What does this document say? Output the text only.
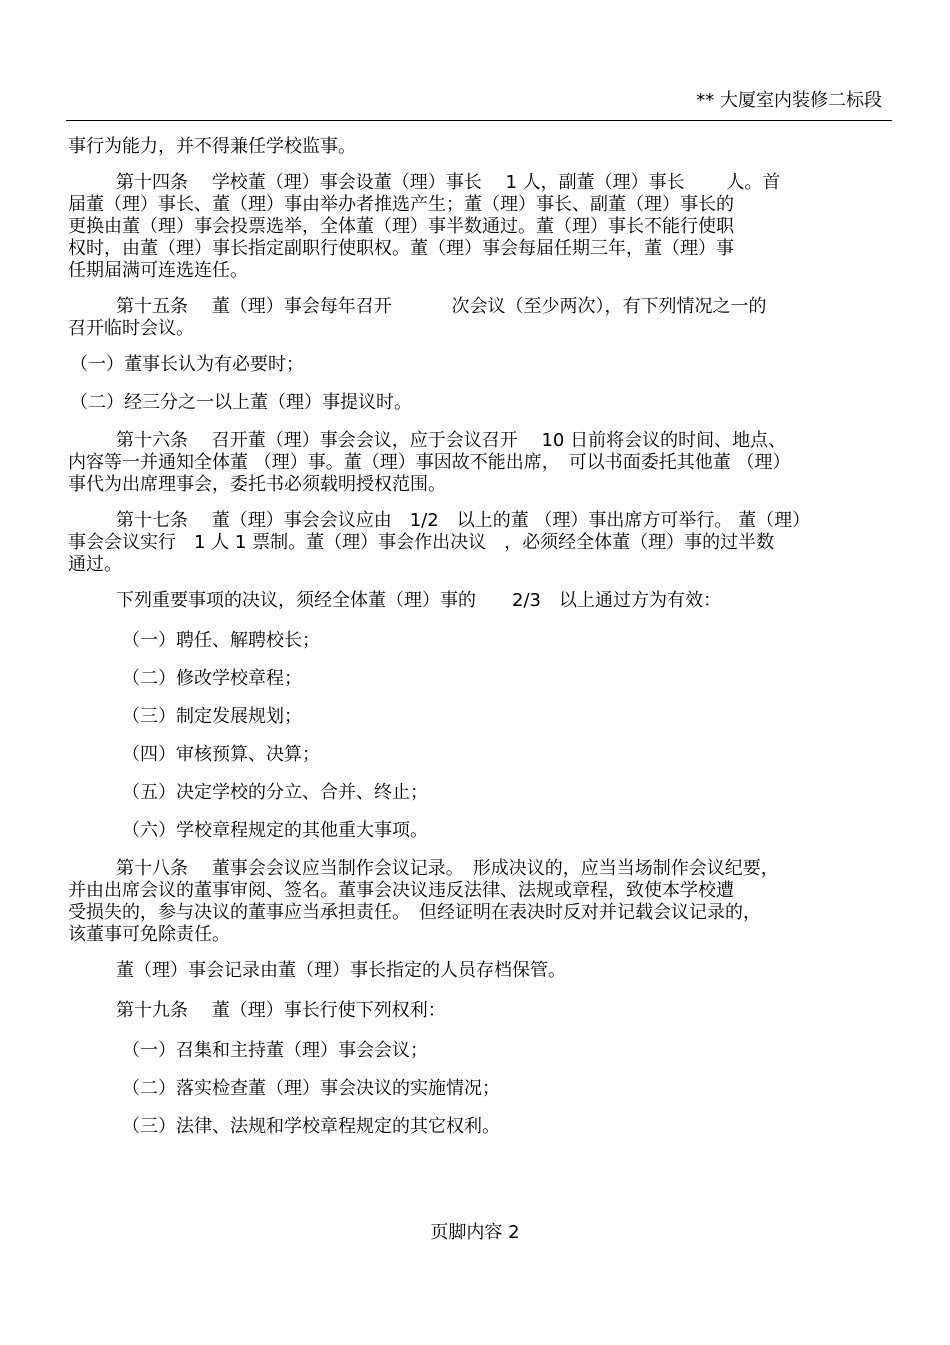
** 大厦室内装修二标段
事行为能力，并不得兼任学校监事。
第十四条　 学校董（理）事会设董（理）事长　 1 人，副董（理）事长　　 人。首
届董（理）事长、董（理）事由举办者推选产生；董（理）事长、副董（理）事长的
更换由董（理）事会投票选举，全体董（理）事半数通过。董（理）事长不能行使职
权时，由董（理）事长指定副职行使职权。董（理）事会每届任期三年，董（理）事
任期届满可连选连任。
第十五条　 董（理）事会每年召开　　　 次会议（至少两次），有下列情况之一的
召开临时会议。
（一）董事长认为有必要时；
（二）经三分之一以上董（理）事提议时。
第十六条　 召开董（理）事会会议，应于会议召开　 10 日前将会议的时间、地点、
内容等一并通知全体董 （理）事。董（理）事因故不能出席，　可以书面委托其他董 （理）
事代为出席理事会，委托书必须载明授权范围。
第十七条　 董（理）事会会议应由　1/2　以上的董 （理）事出席方可举行。 董（理）
事会会议实行　1 人 1 票制。董（理）事会作出决议　，必须经全体董（理）事的过半数
通过。
下列重要事项的决议，须经全体董（理）事的　　2/3　以上通过方为有效：
（一）聘任、解聘校长；
（二）修改学校章程；
（三）制定发展规划；
（四）审核预算、决算；
（五）决定学校的分立、合并、终止；
（六）学校章程规定的其他重大事项。
第十八条　 董事会会议应当制作会议记录。　形成决议的，应当当场制作会议纪要，
并由出席会议的董事审阅、签名。董事会决议违反法律、法规或章程，致使本学校遭
受损失的，参与决议的董事应当承担责任。　但经证明在表决时反对并记载会议记录的，
该董事可免除责任。
董（理）事会记录由董（理）事长指定的人员存档保管。
第十九条　 董（理）事长行使下列权利：
（一）召集和主持董（理）事会会议；
（二）落实检查董（理）事会决议的实施情况；
（三）法律、法规和学校章程规定的其它权利。
页脚内容 2
